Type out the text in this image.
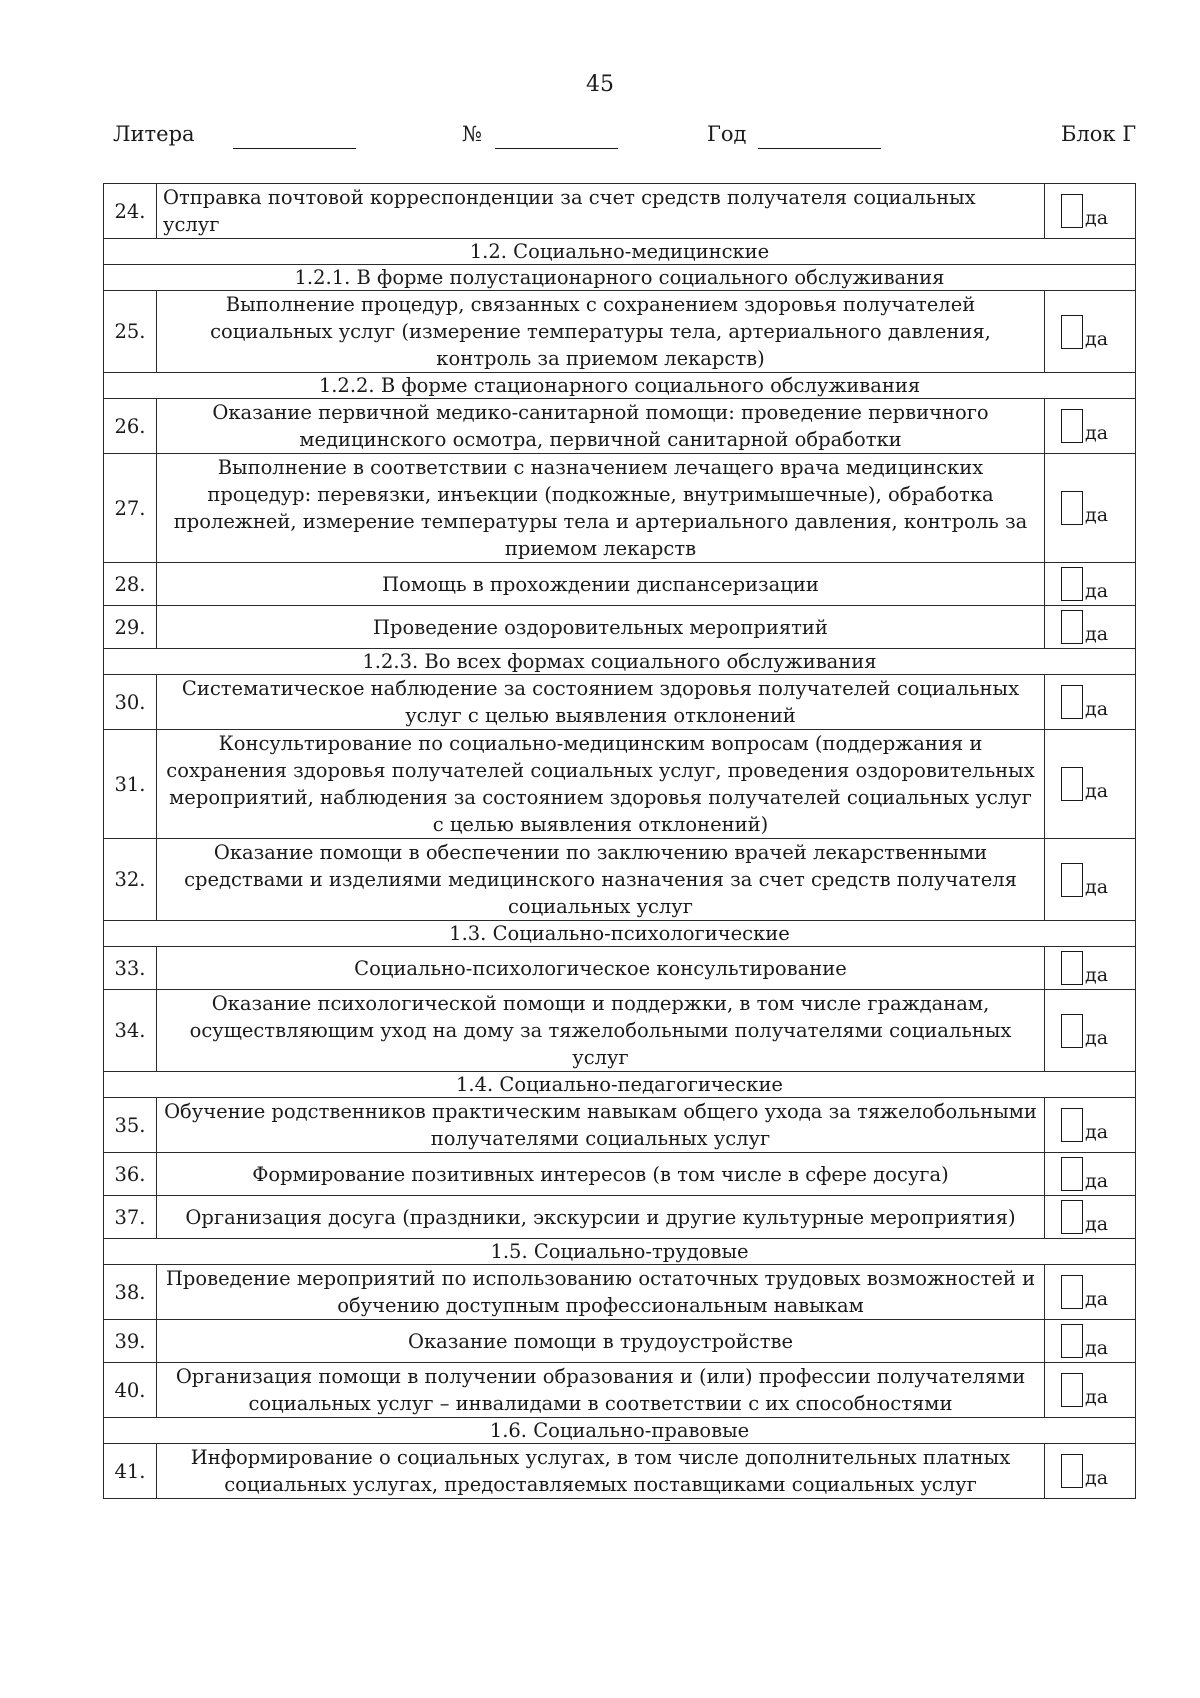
45
Литера	№	Год	Блок Г
24.	Отправка почтовой корреспонденции за счет средств получателя социальных услуг	да
1.2. Социально-медицинские		
1.2.1. В форме полустационарного социального обслуживания		
25.	Выполнение процедур, связанных с сохранением здоровья получателей социальных услуг (измерение температуры тела, артериального давления, контроль за приемом лекарств)	да
1.2.2. В форме стационарного социального обслуживания		
26.	Оказание первичной медико-санитарной помощи: проведение первичного медицинского осмотра, первичной санитарной обработки	да
27.	Выполнение в соответствии с назначением лечащего врача медицинских процедур: перевязки, инъекции (подкожные, внутримышечные), обработка пролежней, измерение температуры тела и артериального давления, контроль за приемом лекарств	да
28.	Помощь в прохождении диспансеризации	да
29.	Проведение оздоровительных мероприятий	да
1.2.3. Во всех формах социального обслуживания		
30.	Систематическое наблюдение за состоянием здоровья получателей социальных услуг с целью выявления отклонений	да
31.	Консультирование по социально-медицинским вопросам (поддержания и сохранения здоровья получателей социальных услуг, проведения оздоровительных мероприятий, наблюдения за состоянием здоровья получателей социальных услуг с целью выявления отклонений)	да
32.	Оказание помощи в обеспечении по заключению врачей лекарственными средствами и изделиями медицинского назначения за счет средств получателя социальных услуг	да
1.3. Социально-психологические		
33.	Социально-психологическое консультирование	да
34.	Оказание психологической помощи и поддержки, в том числе гражданам, осуществляющим уход на дому за тяжелобольными получателями социальных услуг	да
1.4. Социально-педагогические		
35.	Обучение родственников практическим навыкам общего ухода за тяжелобольными получателями социальных услуг	да
36.	Формирование позитивных интересов (в том числе в сфере досуга)	да
37.	Организация досуга (праздники, экскурсии и другие культурные мероприятия)	да
1.5. Социально-трудовые		
38.	Проведение мероприятий по использованию остаточных трудовых возможностей и обучению доступным профессиональным навыкам	да
39.	Оказание помощи в трудоустройстве	да
40.	Организация помощи в получении образования и (или) профессии получателями социальных услуг – инвалидами в соответствии с их способностями	да
1.6. Социально-правовые		
41.	Информирование о социальных услугах, в том числе дополнительных платных социальных услугах, предоставляемых поставщиками социальных услуг	да
